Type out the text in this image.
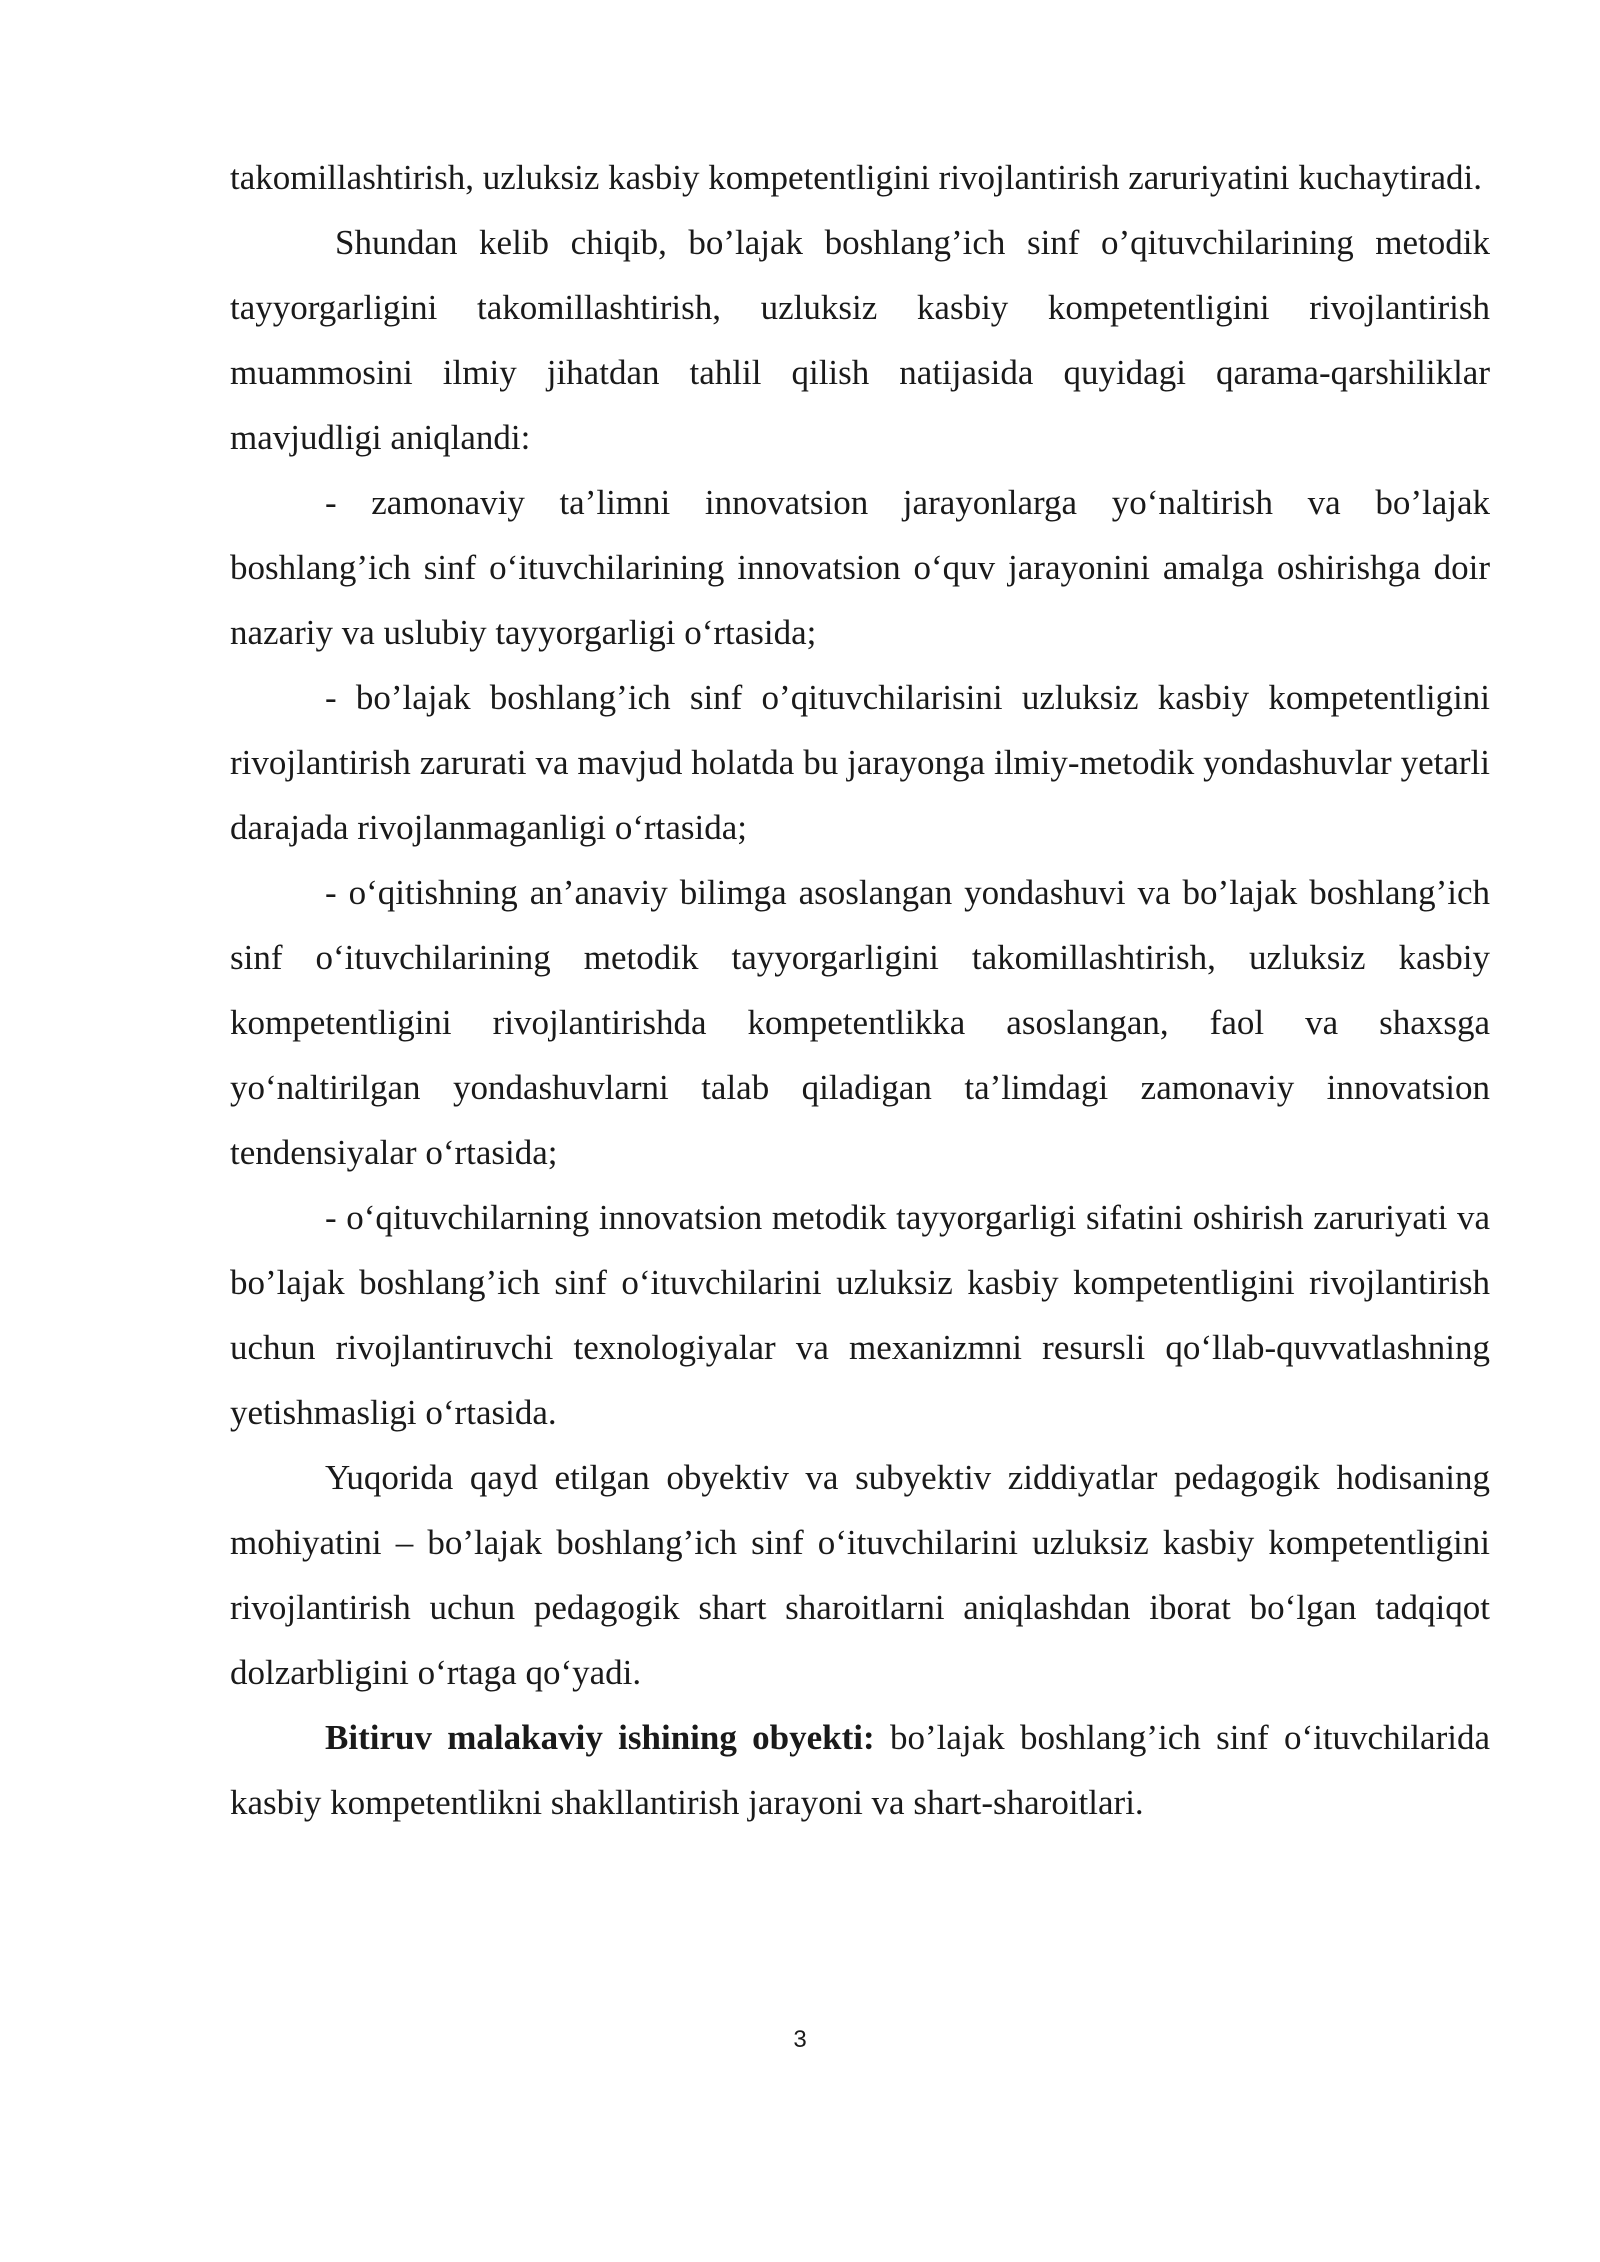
takomillashtirish, uzluksiz kasbiy kompetentligini rivojlantirish zaruriyatini kuchaytiradi.

Shundan kelib chiqib, bo’lajak boshlang’ich sinf o’qituvchilarining metodik tayyorgarligini takomillashtirish, uzluksiz kasbiy kompetentligini rivojlantirish muammosini ilmiy jihatdan tahlil qilish natijasida quyidagi qarama-qarshiliklar mavjudligi aniqlandi:

- zamonaviy ta’limni innovatsion jarayonlarga yo‘naltirish va bo’lajak boshlang’ich sinf o‘ituvchilarining innovatsion o‘quv jarayonini amalga oshirishga doir nazariy va uslubiy tayyorgarligi o‘rtasida;

- bo’lajak boshlang’ich sinf o’qituvchilarisini uzluksiz kasbiy kompetentligini rivojlantirish zarurati va mavjud holatda bu jarayonga ilmiy-metodik yondashuvlar yetarli darajada rivojlanmaganligi o‘rtasida;

- o‘qitishning an’anaviy bilimga asoslangan yondashuvi va bo’lajak boshlang’ich sinf o‘ituvchilarining metodik tayyorgarligini takomillashtirish, uzluksiz kasbiy kompetentligini rivojlantirishda kompetentlikka asoslangan, faol va shaxsga yo‘naltirilgan yondashuvlarni talab qiladigan ta’limdagi zamonaviy innovatsion tendensiyalar o‘rtasida;

- o‘qituvchilarning innovatsion metodik tayyorgarligi sifatini oshirish zaruriyati va bo’lajak boshlang’ich sinf o‘ituvchilarini uzluksiz kasbiy kompetentligini rivojlantirish uchun rivojlantiruvchi texnologiyalar va mexanizmni resursli qo‘llab-quvvatlashning yetishmasligi o‘rtasida.

Yuqorida qayd etilgan obyektiv va subyektiv ziddiyatlar pedagogik hodisaning mohiyatini – bo’lajak boshlang’ich sinf o‘ituvchilarini uzluksiz kasbiy kompetentligini rivojlantirish uchun pedagogik shart sharoitlarni aniqlashdan iborat bo‘lgan tadqiqot dolzarbligini o‘rtaga qo‘yadi.

Bitiruv malakaviy ishining obyekti: bo’lajak boshlang’ich sinf o‘ituvchilarida kasbiy kompetentlikni shakllantirish jarayoni va shart-sharoitlari.

3
